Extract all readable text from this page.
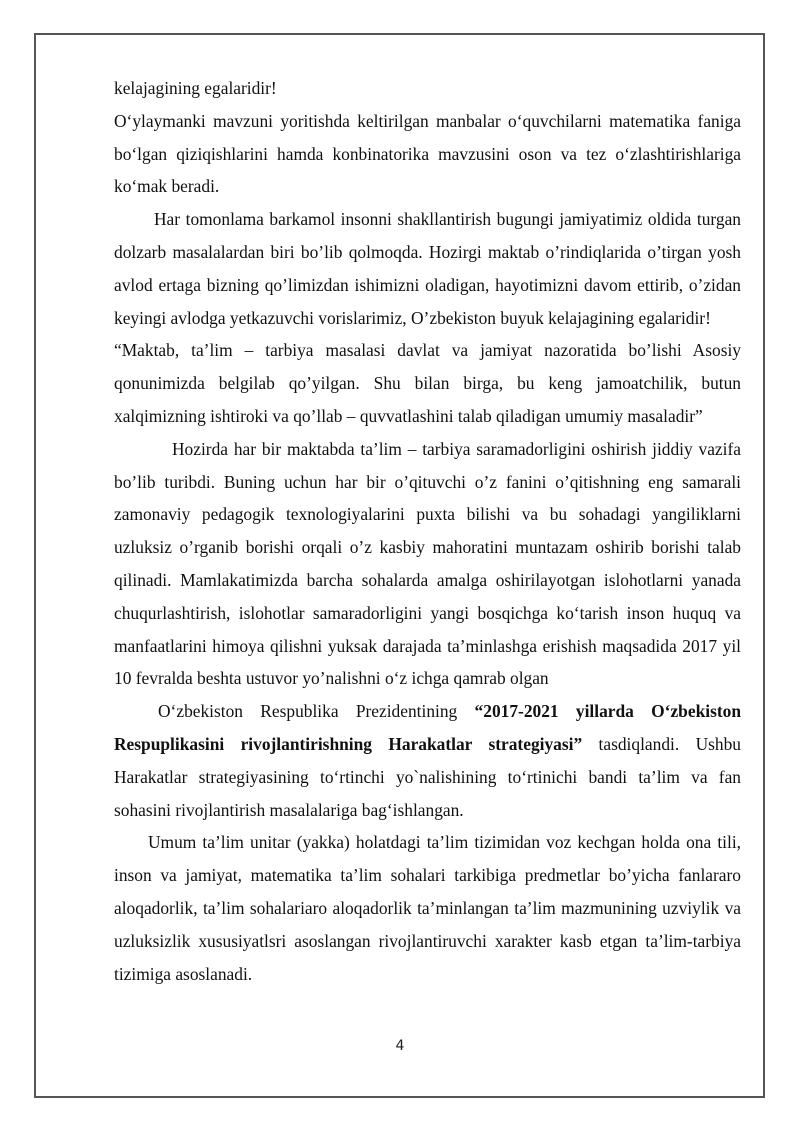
kelajagining egalaridir!

O‘ylaymanki mavzuni yoritishda keltirilgan manbalar o‘quvchilarni matematika faniga bo‘lgan qiziqishlarini hamda konbinatorika mavzusini oson va tez o‘zlashtirishlariga ko‘mak beradi.

Har tomonlama barkamol insonni shakllantirish bugungi jamiyatimiz oldida turgan dolzarb masalalardan biri bo’lib qolmoqda. Hozirgi maktab o’rindiqlarida o’tirgan yosh avlod ertaga bizning qo’limizdan ishimizni oladigan, hayotimizni davom ettirib, o’zidan keyingi avlodga yetkazuvchi vorislarimiz, O’zbekiston buyuk kelajagining egalaridir!

“Maktab, ta’lim – tarbiya masalasi davlat va jamiyat nazoratida bo’lishi Asosiy qonunimizda belgilab qo’yilgan. Shu bilan birga, bu keng jamoatchilik, butun xalqimizning ishtiroki va qo’llab – quvvatlashini talab qiladigan umumiy masaladir”

Hozirda har bir maktabda ta’lim – tarbiya saramadorligini oshirish jiddiy vazifa bo’lib turibdi. Buning uchun har bir o’qituvchi o’z fanini o’qitishning eng samarali zamonaviy pedagogik texnologiyalarini puxta bilishi va bu sohadagi yangiliklarni uzluksiz o’rganib borishi orqali o’z kasbiy mahoratini muntazam oshirib borishi talab qilinadi. Mamlakatimizda barcha sohalarda amalga oshirilayotgan islohotlarni yanada chuqurlashtirish, islohotlar samaradorligini yangi bosqichga ko‘tarish inson huquq va manfaatlarini himoya qilishni yuksak darajada ta’minlashga erishish maqsadida 2017 yil 10 fevralda beshta ustuvor yo’nalishni o‘z ichga qamrab olgan

O‘zbekiston Respublika Prezidentining “2017-2021 yillarda O‘zbekiston Respuplikasini rivojlantirishning Harakatlar strategiyasi” tasdiqlandi. Ushbu Harakatlar strategiyasining to‘rtinchi yo`nalishining to‘rtinichi bandi ta’lim va fan sohasini rivojlantirish masalalariga bag‘ishlangan.

Umum ta’lim unitar (yakka) holatdagi ta’lim tizimidan voz kechgan holda ona tili, inson va jamiyat, matematika ta’lim sohalari tarkibiga predmetlar bo’yicha fanlararo aloqadorlik, ta’lim sohalariaro aloqadorlik ta’minlangan ta’lim mazmunining uzviylik va uzluksizlik xususiyatlsri asoslangan rivojlantiruvchi xarakter kasb etgan ta’lim-tarbiya tizimiga asoslanadi.

4
